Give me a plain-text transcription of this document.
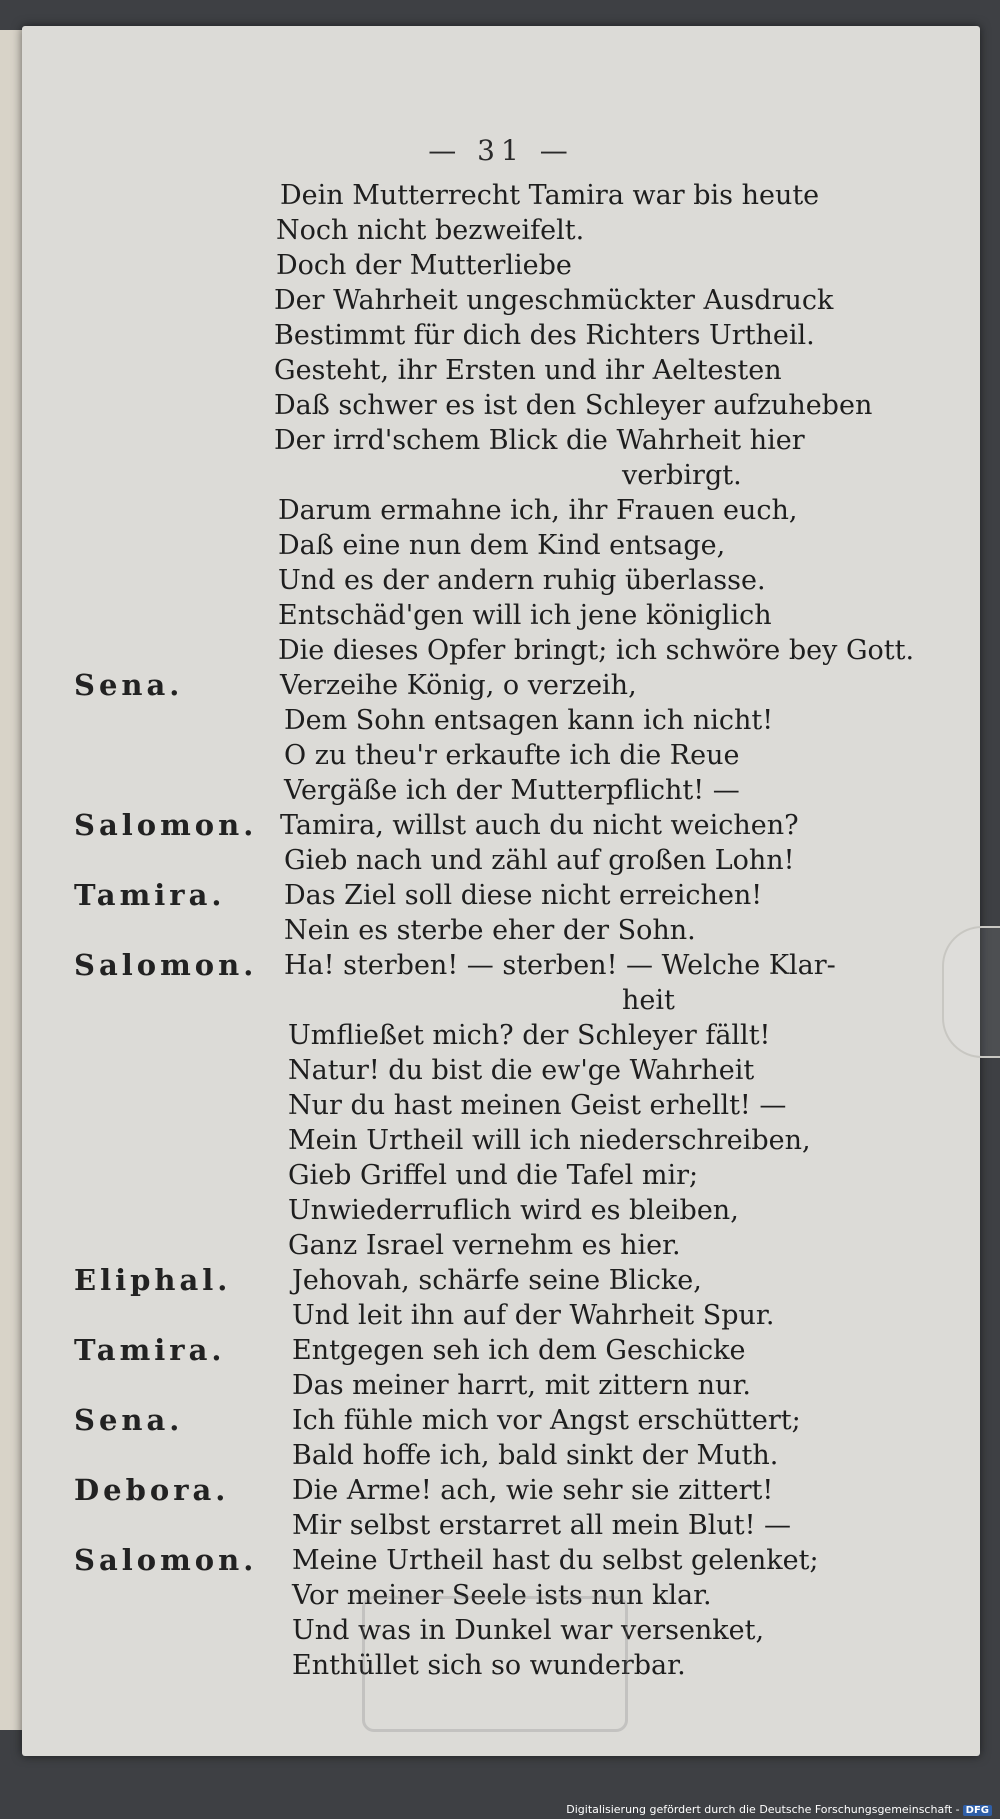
— 31 —
Dein Mutterrecht Tamira war bis heute
Noch nicht bezweifelt.
Doch der Mutterliebe
Der Wahrheit ungeschmückter Ausdruck
Bestimmt für dich des Richters Urtheil.
Gesteht, ihr Ersten und ihr Aeltesten
Daß schwer es ist den Schleyer aufzuheben
Der irrd'schem Blick die Wahrheit hier
verbirgt.
Darum ermahne ich, ihr Frauen euch,
Daß eine nun dem Kind entsage,
Und es der andern ruhig überlasse.
Entschäd'gen will ich jene königlich
Die dieses Opfer bringt; ich schwöre bey Gott.
Sena.	Verzeihe König, o verzeih,
Dem Sohn entsagen kann ich nicht!
O zu theu'r erkaufte ich die Reue
Vergäße ich der Mutterpflicht! —
Salomon. Tamira, willst auch du nicht weichen?
Gieb nach und zähl auf großen Lohn!
Tamira. Das Ziel soll diese nicht erreichen!
Nein es sterbe eher der Sohn.
Salomon. Ha! sterben! — sterben! — Welche Klar-
heit
Umfließet mich? der Schleyer fällt!
Natur! du bist die ew'ge Wahrheit
Nur du hast meinen Geist erhellt! —
Mein Urtheil will ich niederschreiben,
Gieb Griffel und die Tafel mir;
Unwiederruflich wird es bleiben,
Ganz Israel vernehm es hier.
Eliphal. Jehovah, schärfe seine Blicke,
Und leit ihn auf der Wahrheit Spur.
Tamira. Entgegen seh ich dem Geschicke
Das meiner harrt, mit zittern nur.
Sena.	Ich fühle mich vor Angst erschüttert;
Bald hoffe ich, bald sinkt der Muth.
Debora. Die Arme! ach, wie sehr sie zittert!
Mir selbst erstarret all mein Blut! —
Salomon. Meine Urtheil hast du selbst gelenket;
Vor meiner Seele ists nun klar.
Und was in Dunkel war versenket,
Enthüllet sich so wunderbar.
Digitalisierung gefördert durch die Deutsche Forschungsgemeinschaft - DFG
